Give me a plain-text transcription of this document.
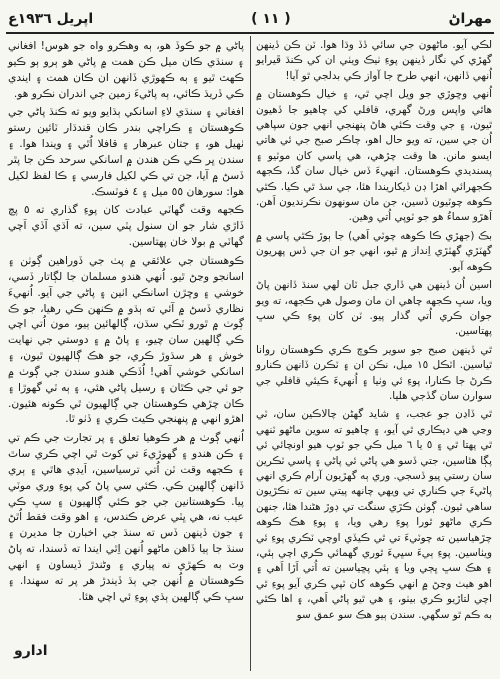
اپريل ١٩٣٦ع	( ١١ )	مهراڻ

لڪي آيو. ماڻهون جي سائي ڏڏ وڌا هوا. ٽن ڪن ڏينهن گهڙي کي نگار ڏينهن پوءِ ٺيڪ ويٺي ان کي ڪنڌ ڦيرايو اُنهي ڏانهن، انهي طرح جا آواز ڪي بدلجي ٿو آيا!

اُنهي وڇوڙي جو ويل اچي ٿي، ۽ خيال ڪوهستان ۾ هاٿي واپس ورڻ گهري، قافلي کي چاهيو جا ڏهيون ٿيون، ۽ جي وقت ڪئي هاڻ پنهنجي انهي جون سپاهي اُن جي سين، ته ويو حال اهو، چاڪر صبح جي ئي هاتي ايسو مانن. ها وقت چڙهي، هي پاسي کان موٽيو ۽ پسنديدي ڪوهستان. انهيءَ ڏس خيال سان گڏ، ڪجهه ڪجهرائي اهڙا ڊن ڏيکاريندا هئا، جي سڌ ٿي ڪيا. ڪٿي ڪوهه چوٽيون ڏسين، جن مان سونهون نڪرنديون اَهن. اَهڙو سماءُ هو جو ٽوپي اُتي وهين.

بڪ (جهڙي ڪا ڪوهه چوٽي اَهي) جا ٻوڙ ڪٿي پاسي ۾ گهٽڙي گهٽڙي اِنداز ۾ ٿيو، انهي جو ان جي ڏس پهريون ڪوهه آيو.

اسين اُن ڏينهن هي ڏاري جبل ٽان لهي سنڌ ڏانهن پاڻ ويا، سڀ ڪجهه چاهي ان مان وصول هي ڪجهه، ته ويو جوان ڪري اُتي گذار پيو. ٽن کان پوءِ ڪي سڀ پهتاسين.

ٿي ڏينهن صبح جو سوير ڪوچ ڪري ڪوهستان روانا ٿياسين. اٽڪل ١٥ ميل، نڪن ان ۽ ٽڪرن ڏانهن ڪنارو ڪرڻ جا ڪنارا، پوءِ ئي وٺيا ۽ اُنهيءَ ڪيئي قافلي جي سوارن سان گڏجي هليا.

ٿي ڏاڍن جو عجب، ۽ شايد گهڻن چالاڪين سان، ٽي وڃي هي ديڪاري ٿي آيو، ۽ چاهيو ته سوين ماڻهو ٽنهي ٿي پهتا ٿي ۽ ٥ يا ٦ ميل ڪي جو ٽوپ هيو اونچائي ئي پڳا هئاسين، جتي ڏسو هي پاڻي ئي پاڻي ۽ پاسي ٽڪرين سان رستي پيو ڏسجي. وري ٻه گهڙيون آرام ڪري انهي پاڻيءَ جي ڪناري تي ويهي چانهه پيتي سين ته نڪڙيون ساهي ٿيون. ڳوٺن ڪڙي سنگت تي ڊوڙ هڻندا هئا، جنهن ڪري ماڻهو ٿورا پوءِ رهي ويا، ۽ پوءِ هڪ ڪوهه چڙهياسين ته چوٽيءَ تي ٿي ڪيڏي اوچي ٽڪري پوءِ ئي ويٺاسين. پوءِ ٻيءَ سڀيءَ ٿوري گهمائي ڪري اچي ٻئي، ۽ هڪ سڀ ڀڄي ويا ۽ ٻئي پڇياسين ته اُتي اَڙا اَهي ۽ اهو هيٺ وڃڻ ۾ انهي ڪوهه کان ٽپي ڪري آيو پوءِ ٿي اچي لتاڙيو ڪري بيٺو، ۽ هي ٿيو پاڻي اَهي، ۽ اها ڪٿي به ڪم ٿو سگهي. سندن ٻيو هڪ سو عمق سو

پاڻي ۾ جو ڪوڏ هو، ٻه وهڪرو واه جو هوس! افغاني ۽ سنڌي ڪان ميل ڪن همت ۾ پاڻي هو ٻرو ٻو ڪيو ڪهٽ ٿيو ۽ ٻه ڪهوڙي ڏانهن ان ڪان همت ۽ ايندي ڪي ڏريڌ ڪائي، ٻه پاڻيءَ زمين جي اندران نڪرو هو.

افغاني ۽ سنڌي لاءِ اسانکي ٻڌايو ويو ته ڪنڌ پاڻي جي ڪوهستان ۽ ڪراچي بندر ڪان قندڌار ٽائين رستو ٺهيل هو، ۽ جتان عبرهار ۽ قافلا اُٿي ۽ ويندا هوا. ۽ سندن ڀر ڪي ڪن هندن ۾ اسانکي سرحد ڪن جا پٿر ڏسڻ ۾ آيا، جن تي ڪي لکيل فارسي ۽ ڪا لفظ لکيل هوا: سورهان ٥٥ ميل ۽ ٤ فوٽسڪ.

ڪجهه وقت گهاٽي عبادت کان پوءِ گذاري ته ٥ پچ ڏاڙي شار جو ان سنول پٽي سين، ته آڌي آڏي اَچي گهاٽي ۾ بولا خان پهتاسين.

ڪوهستان جي علائقي ۾ پٺ جي ڏوراهين ڳوٺن ۽ اسانجو وڃڻ ٿيو. اُنهي هندو مسلمان جا لڳاتار ڏسي، خوشي ۽ وڇڙن اسانڪي اٺين ۽ پاڻي جي آيو. اُنهيءَ نظاري ڏسڻ ۾ آئي ته ٻڌو ۾ ڪنهن ڪي رهيا، جو ڪ ڳوٺ ۾ ٿورو ٽڪي سڌن، ڳالهائين ٻيو، مون اُتي اچي ڪي ڳالهين سان چيو، ۽ پاڻ ۾ ۽ دوستي جي نهايت خوش ۽ هر سڌوڙ ڪري، جو هڪ ڳالهيون ٿيون، ۽ اسانکي خوشي آهي! اُڏڪي هندو سندن جي ڳوٺ ۾ جو ئي جي ڪٿان ۽ رسيل پاڻي هئي، ۽ ٻه ٽي گهوڙا ۽ ڪان چڙهي ڪوهستان جي ڳالهيون ٿي ڪونه هئيون. اهڙو انهي ۾ پنهنجي ڪيٽ ڪري ۽ ڏٺو ٿا.

اُنهي ڳوٺ ۾ هر ڪوهيا تعلق ۽ پر تجارت جي ڪم تي ۽ ڪن هندو ۽ گهوڙيءَ تي کوٽ ٿي اچي ڪري ساٿ ۽ ڪجهه وقت ٽن اُتي ترسياسين، اَيڊي هاٿي ۽ ٻري ڏانهن ڳالهين ڪي. ڪئي سي پاڻ کي پوءِ وري موٽي پيا. ڪوهستانين جي جو ڪئي ڳالهيون ۽ سڀ ڪي عيب نه، هي ڀٽي عرض ڪندس، ۽ اهو وقت فقط اُٿڻ ۽ جون ڏينهن ڏس ته سنڌ جي اخبارن جا مديرن ۽ سنڌ جا ٻيا ڏاهن ماڻهو اُنهن اِٿي ايندا ته ڏسندا، ته پاڻ وٽ به ڪهڙي نه پياري ۽ وڻندڙ ڏيساون ۽ انهي ڪوهستان ۾ اُنهن جي ٻڌ ڏيندڙ هر پر ته سهندا. ۽ سڀ ڪي ڳالهين ٻڌي پوءِ ئي اچي هئا.

ادارو
